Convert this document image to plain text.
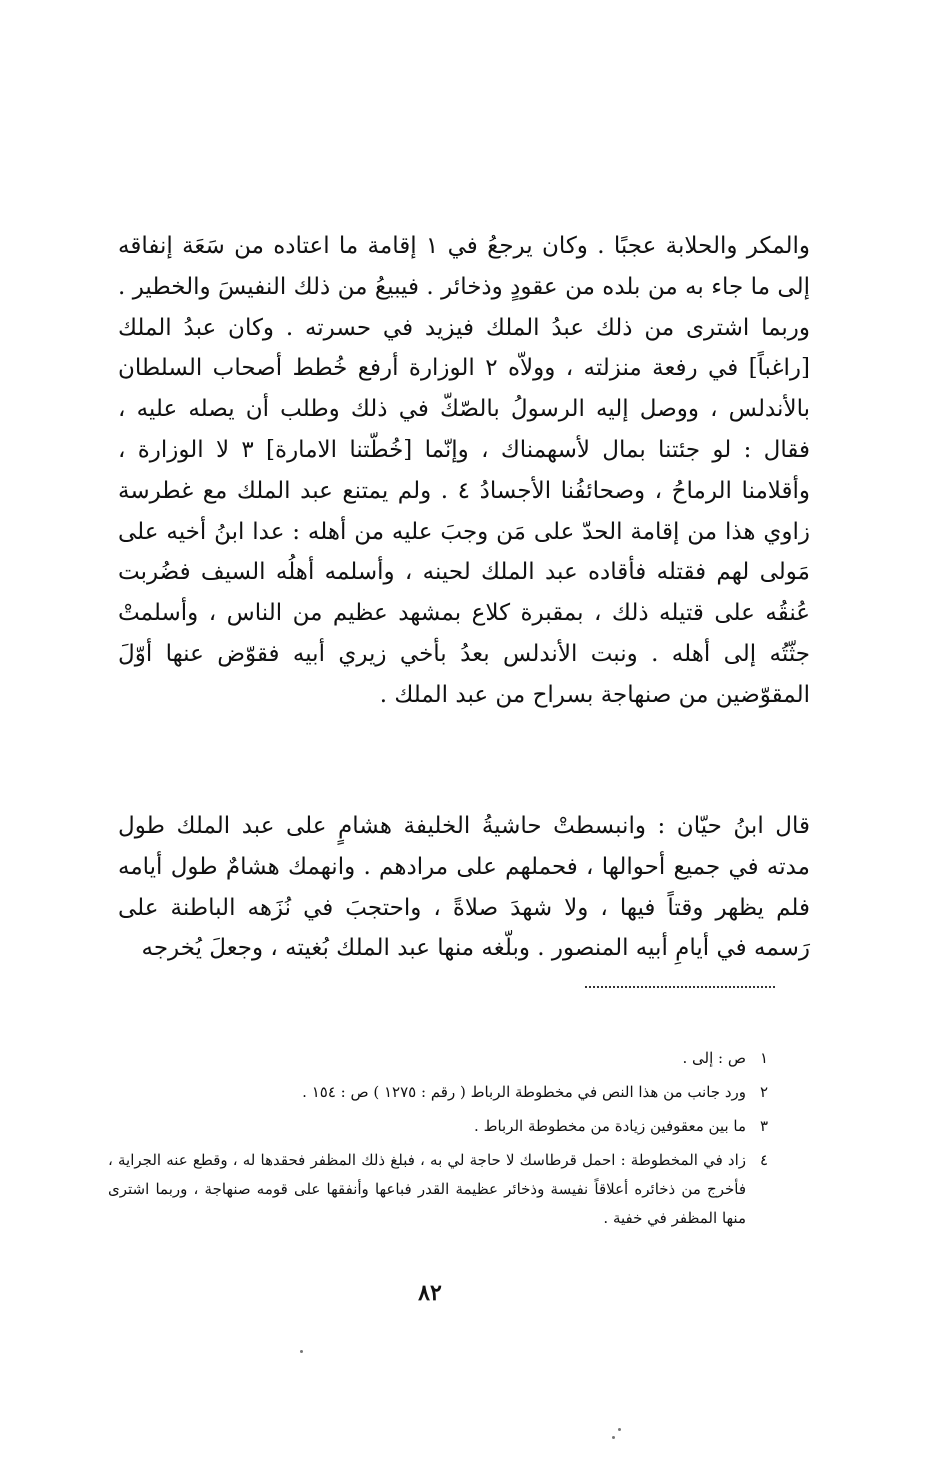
والمكر والحلابة عجبًا . وكان يرجعُ في ١ إقامة ما اعتاده من سَعَة إنفاقه إلى ما جاء به من بلده من عقودٍ وذخائر . فيبيعُ من ذلك النفيسَ والخطير . وربما اشترى من ذلك عبدُ الملك فيزيد في حسرته . وكان عبدُ الملك [راغباً] في رفعة منزلته ، وولاّه ٢ الوزارة أرفع خُطط أصحاب السلطان بالأندلس ، ووصل إليه الرسولُ بالصّكّ في ذلك وطلب أن يصله عليه ، فقال : لو جئتنا بمال لأسهمناك ، وإنّما [خُطّتنا الامارة] ٣ لا الوزارة ، وأقلامنا الرماحُ ، وصحائفُنا الأجسادُ ٤ . ولم يمتنع عبد الملك مع غطرسة زاوي هذا من إقامة الحدّ على مَن وجبَ عليه من أهله : عدا ابنُ أخيه على مَولى لهم فقتله فأقاده عبد الملك لحينه ، وأسلمه أهلُه السيف فضُربت عُنقُه على قتيله ذلك ، بمقبرة كلاع بمشهد عظيم من الناس ، وأسلمتْ جثّتُه إلى أهله . ونبت الأندلس بعدُ بأخي زيري أبيه فقوّض عنها أوّلَ المقوّضين من صنهاجة بسراح من عبد الملك .

قال ابنُ حيّان : وانبسطتْ حاشيةُ الخليفة هشامٍ على عبد الملك طول مدته في جميع أحوالها ، فحملهم على مرادهم . وانهمك هشامٌ طول أيامه فلم يظهر وقتاً فيها ، ولا شهدَ صلاةً ، واحتجبَ في نُزَهه الباطنة على رَسمه في أيامِ أبيه المنصور . وبلّغه منها عبد الملك بُغيته ، وجعلَ يُخرجه

١
ص : إلى .
٢
ورد جانب من هذا النص في مخطوطة الرباط ( رقم : ١٢٧٥ ) ص : ١٥٤ .
٣
ما بين معقوفين زيادة من مخطوطة الرباط .
٤
زاد في المخطوطة : احمل قرطاسك لا حاجة لي به ، فبلغ ذلك المظفر فحقدها له ، وقطع عنه الجراية ، فأخرج من ذخائره أعلاقاً نفيسة وذخائر عظيمة القدر فباعها وأنفقها على قومه صنهاجة ، وربما اشترى منها المظفر في خفية .
٨٢
